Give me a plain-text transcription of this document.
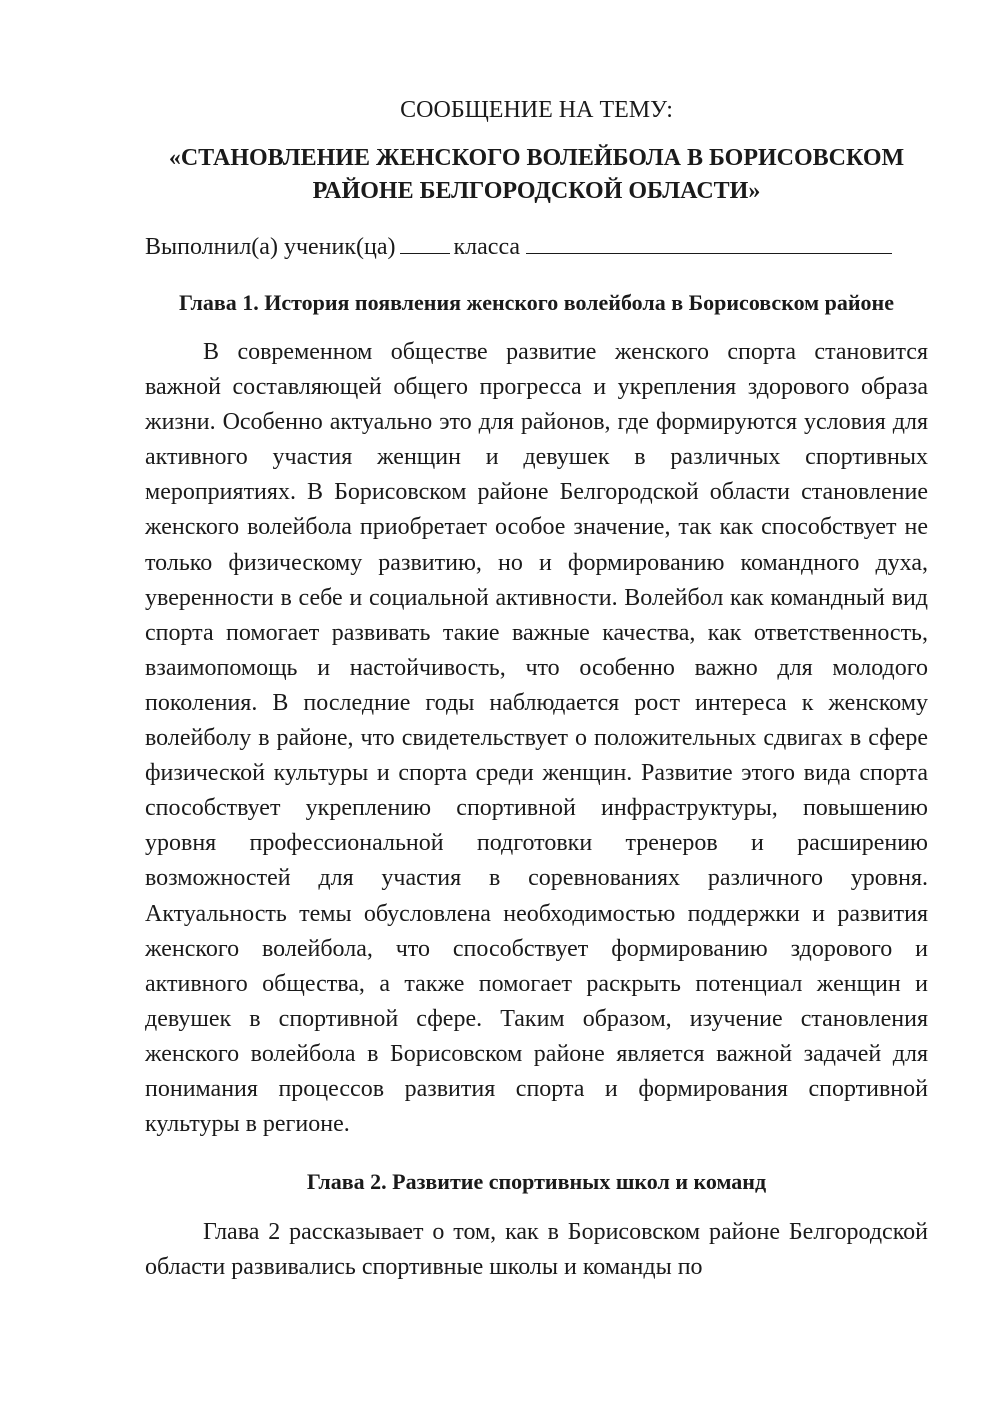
СООБЩЕНИЕ НА ТЕМУ:
«СТАНОВЛЕНИЕ ЖЕНСКОГО ВОЛЕЙБОЛА В БОРИСОВСКОМ РАЙОНЕ БЕЛГОРОДСКОЙ ОБЛАСТИ»
Выполнил(а) ученик(ца) класса
Глава 1. История появления женского волейбола в Борисовском районе

В современном обществе развитие женского спорта становится важной составляющей общего прогресса и укрепления здорового образа жизни. Особенно актуально это для районов, где формируются условия для активного участия женщин и девушек в различных спортивных мероприятиях. В Борисовском районе Белгородской области становление женского волейбола приобретает особое значение, так как способствует не только физическому развитию, но и формированию командного духа, уверенности в себе и социальной активности. Волейбол как командный вид спорта помогает развивать такие важные качества, как ответственность, взаимопомощь и настойчивость, что особенно важно для молодого поколения. В последние годы наблюдается рост интереса к женскому волейболу в районе, что свидетельствует о положительных сдвигах в сфере физической культуры и спорта среди женщин. Развитие этого вида спорта способствует укреплению спортивной инфраструктуры, повышению уровня профессиональной подготовки тренеров и расширению возможностей для участия в соревнованиях различного уровня. Актуальность темы обусловлена необходимостью поддержки и развития женского волейбола, что способствует формированию здорового и активного общества, а также помогает раскрыть потенциал женщин и девушек в спортивной сфере. Таким образом, изучение становления женского волейбола в Борисовском районе является важной задачей для понимания процессов развития спорта и формирования спортивной культуры в регионе.

Глава 2. Развитие спортивных школ и команд

Глава 2 рассказывает о том, как в Борисовском районе Белгородской области развивались спортивные школы и команды по
